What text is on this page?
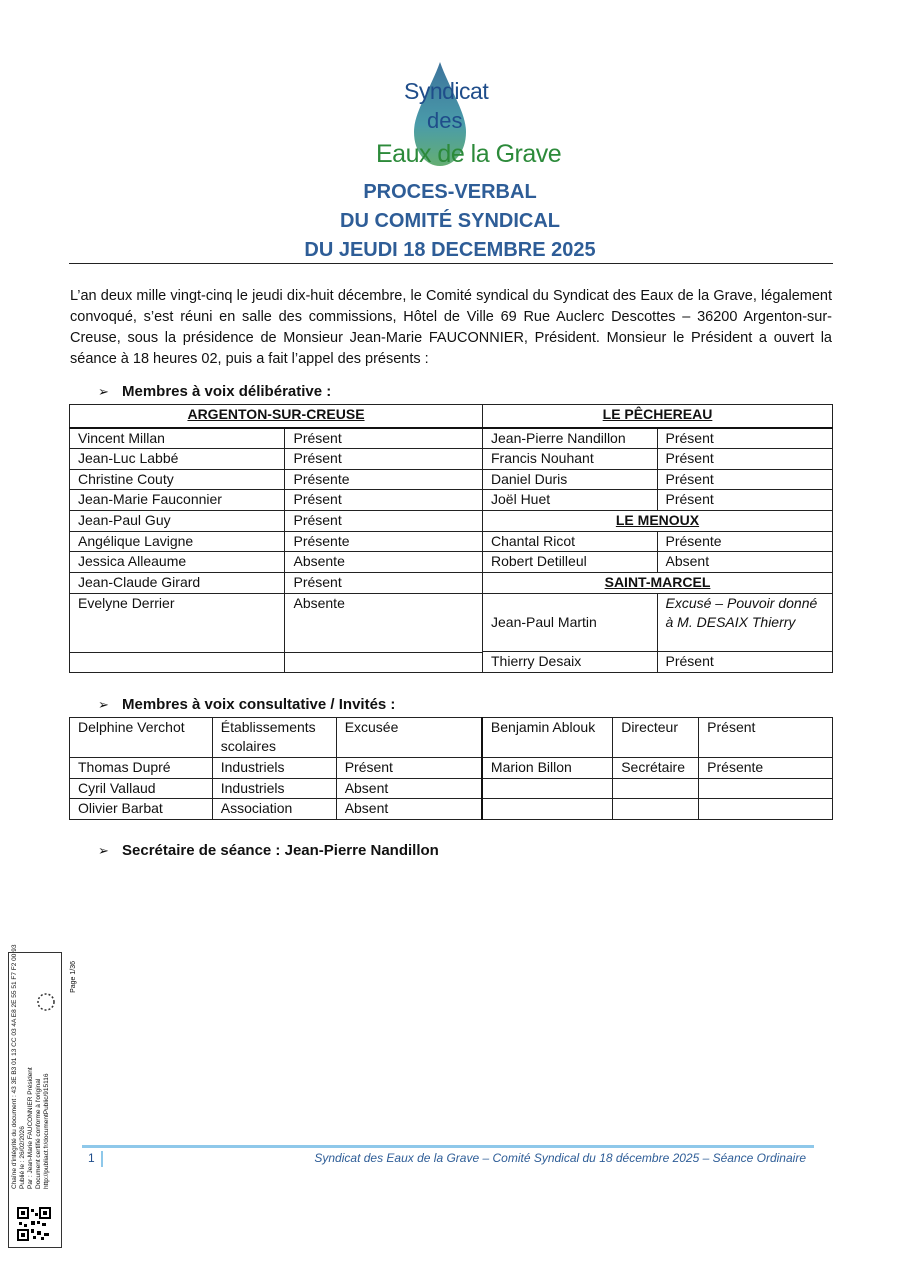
Syndicat
des
Eaux de la Grave
PROCES-VERBAL
DU COMITÉ SYNDICAL
DU JEUDI 18 DECEMBRE 2025

L’an deux mille vingt-cinq le jeudi dix-huit décembre, le Comité syndical du Syndicat des Eaux de la Grave, légalement convoqué, s’est réuni en salle des commissions, Hôtel de Ville 69 Rue Auclerc Descottes – 36200 Argenton-sur-Creuse, sous la présidence de Monsieur Jean-Marie FAUCONNIER, Président. Monsieur le Président a ouvert la séance à 18 heures 02, puis a fait l’appel des présents :

➢ Membres à voix délibérative :
ARGENTON-SUR-CREUSE	
Vincent Millan	Présent
Jean-Luc Labbé	Présent
Christine Couty	Présente
Jean-Marie Fauconnier	Présent
Jean-Paul Guy	Présent
Angélique Lavigne	Présente
Jessica Alleaume	Absente
Jean-Claude Girard	Présent
Evelyne Derrier	Absente

LE PÊCHEREAU	
Jean-Pierre Nandillon	Présent
Francis Nouhant	Présent
Daniel Duris	Présent
Joël Huet	Présent
LE MENOUX	
Chantal Ricot	Présente
Robert Detilleul	Absent
SAINT-MARCEL	
Jean-Paul Martin	Excusé – Pouvoir donné à M. DESAIX Thierry
Thierry Desaix	Présent
➢ Membres à voix consultative / Invités :
Delphine Verchot	Établissements scolaires	Excusée	Benjamin Ablouk	Directeur	Présent
Thomas Dupré	Industriels	Présent	Marion Billon	Secrétaire	Présente
Cyril Vallaud	Industriels	Absent			
Olivier Barbat	Association	Absent			
➢ Secrétaire de séance : Jean-Pierre Nandillon
1	Syndicat des Eaux de la Grave – Comité Syndical du 18 décembre 2025 – Séance Ordinaire
Page 1/36
Chaîne d'intégrité du document : 43 3E B3 01 13 CC 03 4A E8 2E 55 51 F7 F2 00 93 Publié le : 26/02/2026 Par : Jean-Marie FAUCONNIER Président Document certifié conforme à l'original http://publiact.fr/documentPublic/915116
